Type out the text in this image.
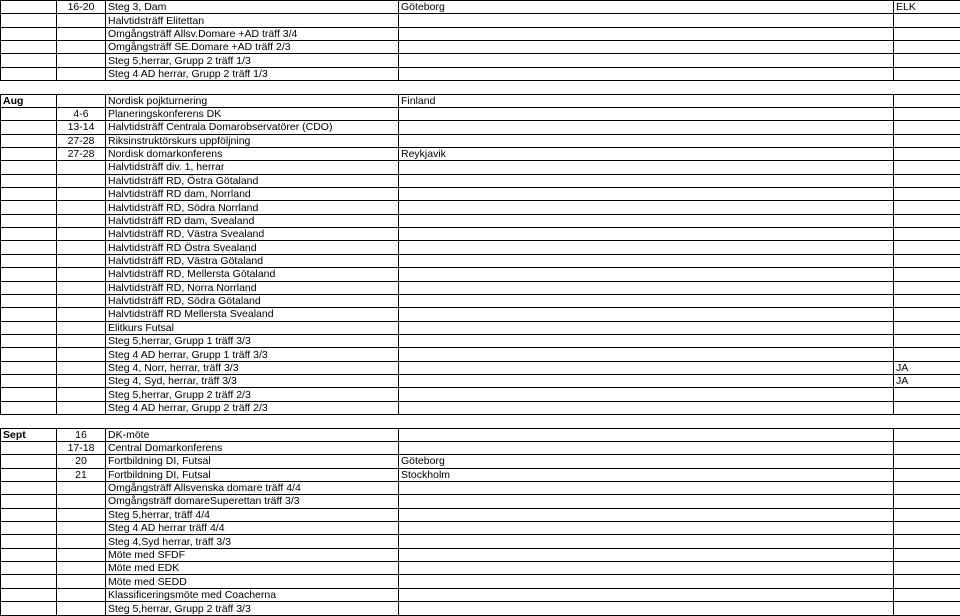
	16-20	Steg 3, Dam	Göteborg	ELK
		Halvtidsträff Elitettan		
		Omgångsträff Allsv.Domare +AD träff 3/4		
		Omgångsträff SE.Domare +AD träff 2/3		
		Steg 5,herrar, Grupp 2 träff 1/3		
		Steg 4 AD herrar, Grupp 2 träff 1/3		

Aug		Nordisk pojkturnering	Finland	
	4-6	Planeringskonferens DK		
	13-14	Halvtidsträff Centrala Domarobservatörer (CDO)		
	27-28	Riksinstruktörskurs uppföljning		
	27-28	Nordisk domarkonferens	Reykjavik	
		Halvtidsträff div. 1, herrar		
		Halvtidsträff RD, Östra Götaland		
		Halvtidsträff RD dam, Norrland		
		Halvtidsträff RD, Södra Norrland		
		Halvtidsträff RD dam, Svealand		
		Halvtidsträff RD, Västra Svealand		
		Halvtidsträff RD Östra Svealand		
		Halvtidsträff RD, Västra Götaland		
		Halvtidsträff RD, Mellersta Götaland		
		Halvtidsträff RD, Norra Norrland		
		Halvtidsträff RD, Södra Götaland		
		Halvtidsträff RD Mellersta Svealand		
		Elitkurs Futsal		
		Steg 5,herrar, Grupp 1 träff 3/3		
		Steg 4 AD herrar, Grupp 1 träff 3/3		
		Steg 4, Norr, herrar, träff 3/3		JA
		Steg 4, Syd, herrar, träff 3/3		JA
		Steg 5,herrar, Grupp 2 träff 2/3		
		Steg 4 AD herrar, Grupp 2 träff 2/3		

Sept	16	DK-möte		
	17-18	Central Domarkonferens		
	20	Fortbildning DI, Futsal	Göteborg	
	21	Fortbildning DI, Futsal	Stockholm	
		Omgångsträff Allsvenska domare träff 4/4		
		Omgångsträff domareSuperettan träff 3/3		
		Steg 5,herrar, träff 4/4		
		Steg 4 AD herrar träff 4/4		
		Steg 4,Syd herrar, träff 3/3		
		Möte med SFDF		
		Möte med EDK		
		Möte med SEDD		
		Klassificeringsmöte med Coacherna		
		Steg 5,herrar, Grupp 2 träff 3/3		
